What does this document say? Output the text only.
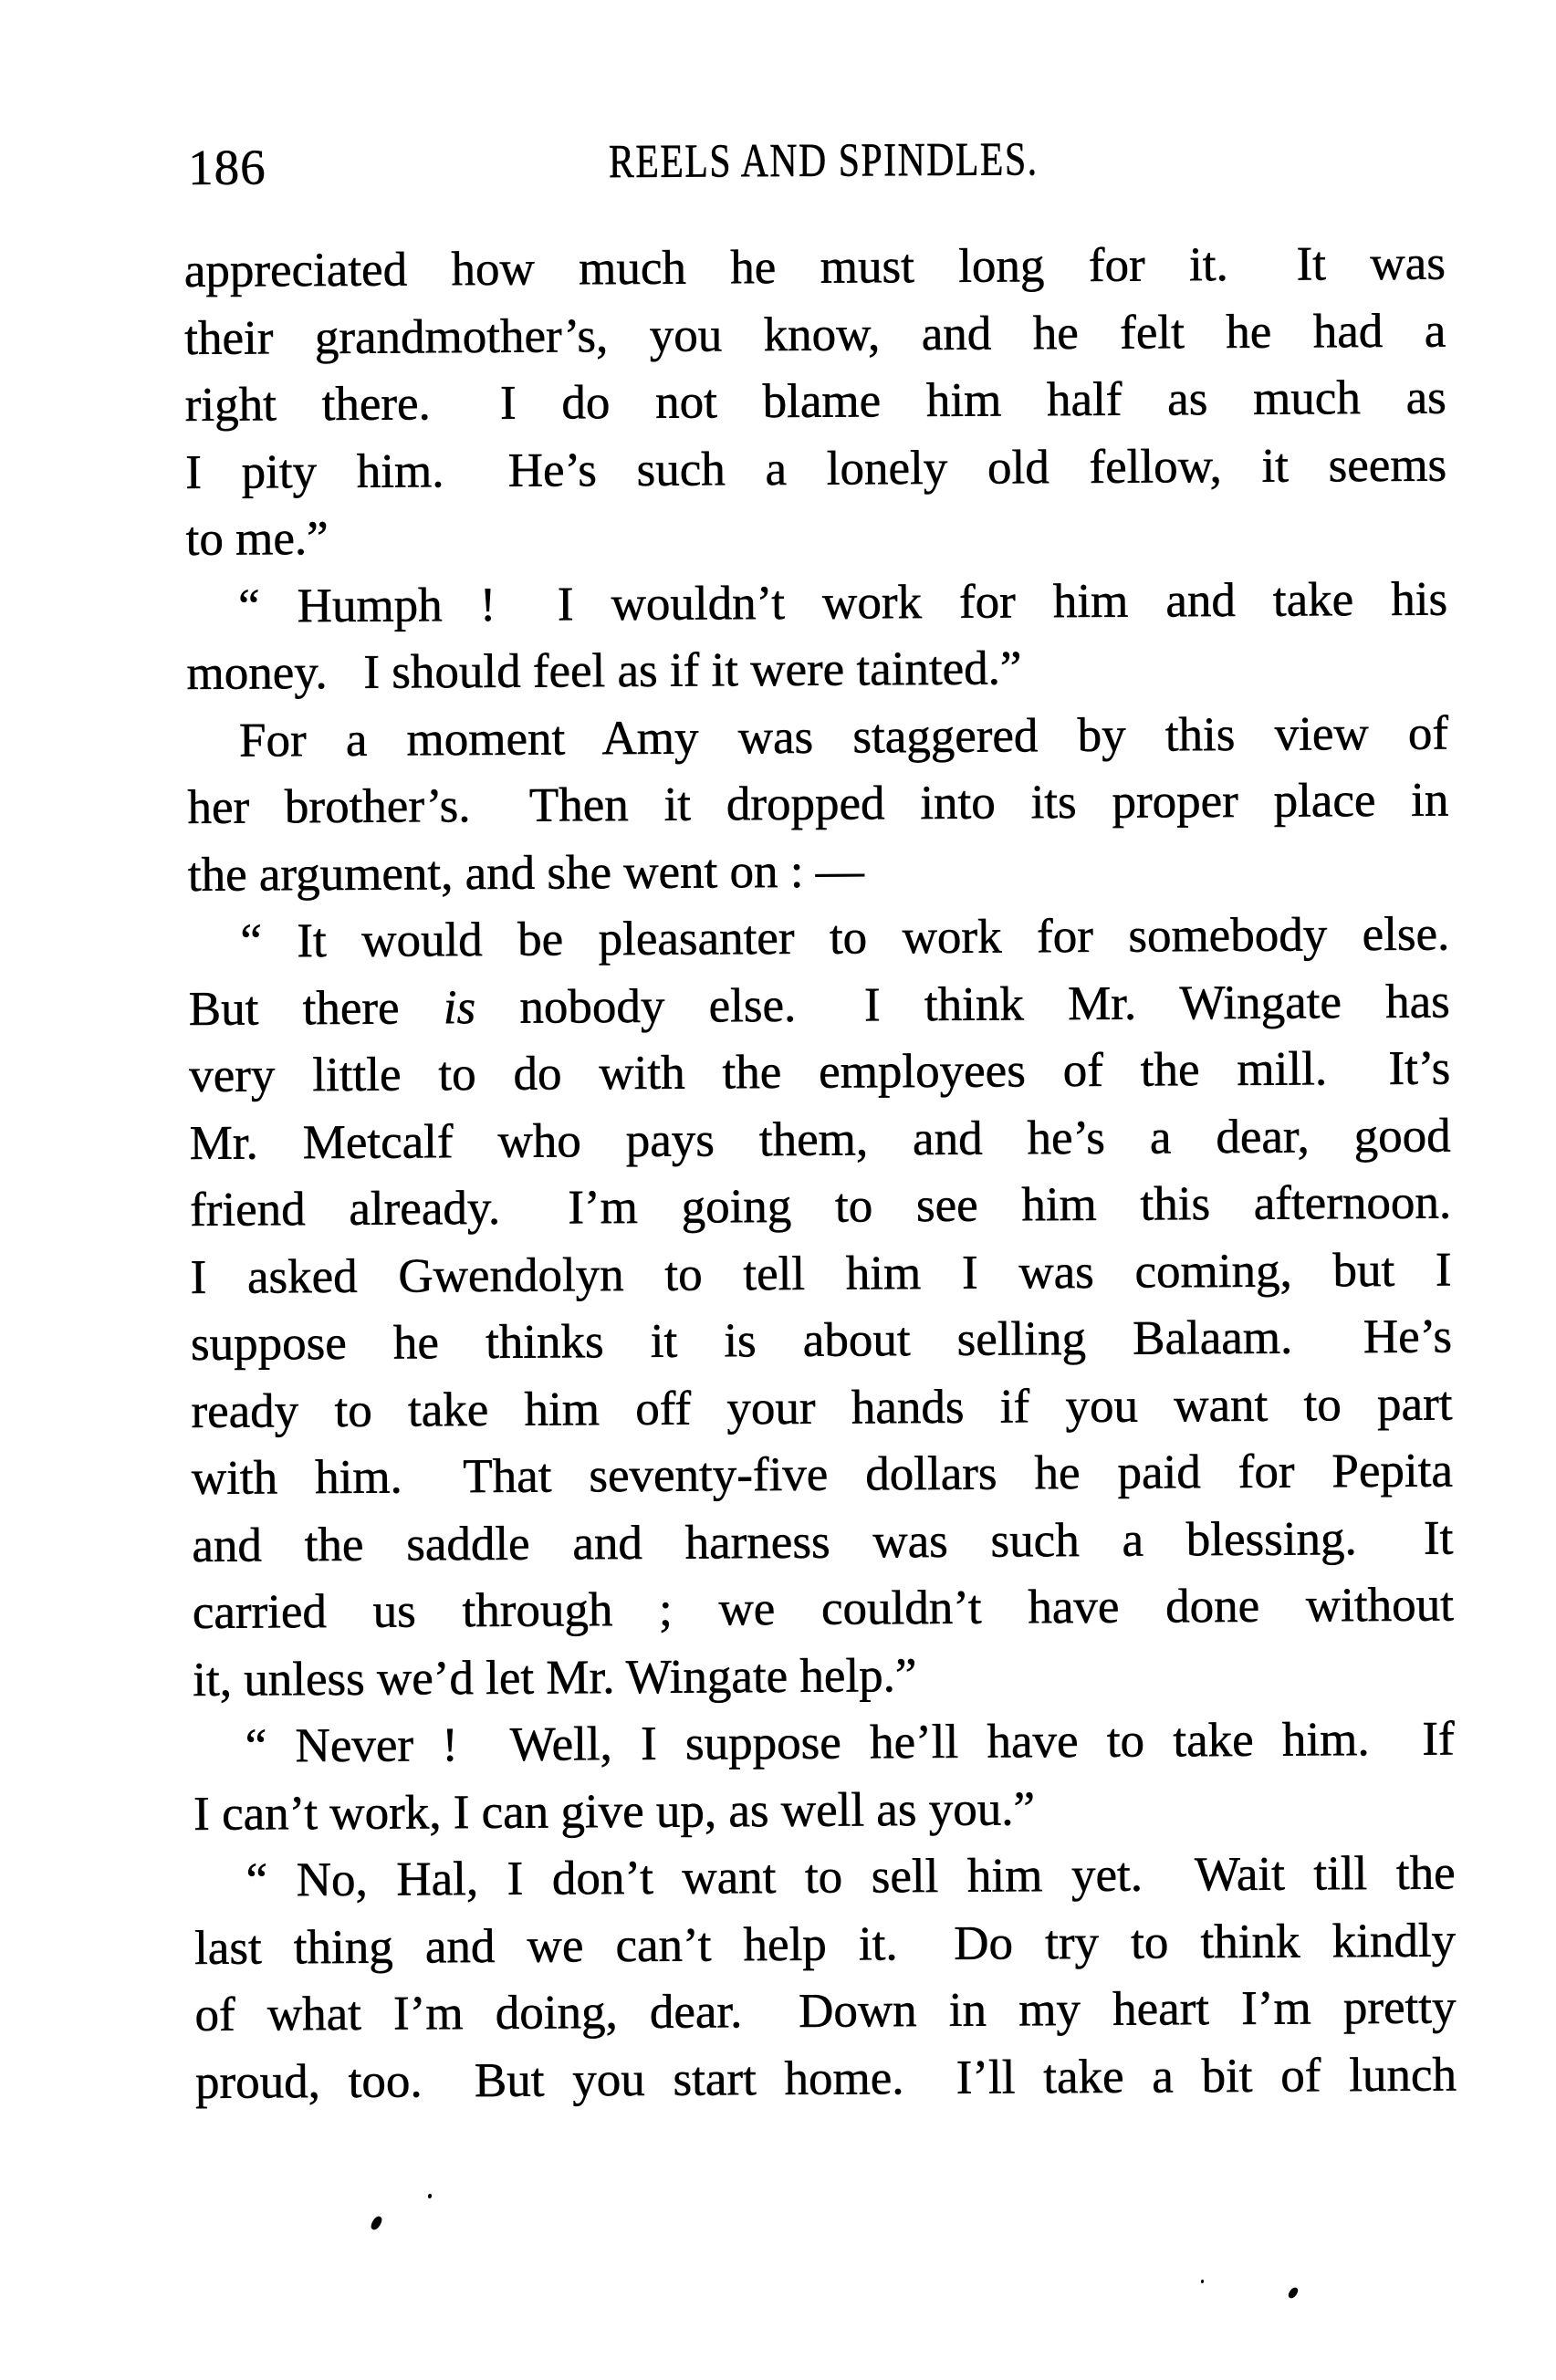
186	REELS AND SPINDLES.
appreciated how much he must long for it.  It was
their grandmother’s, you know, and he felt he had a
right there.  I do not blame him half as much as
I pity him.  He’s such a lonely old fellow, it seems
to me.”
“ Humph !  I wouldn’t work for him and take his
money.  I should feel as if it were tainted.”
For a moment Amy was staggered by this view of
her brother’s.  Then it dropped into its proper place in
the argument, and she went on : —
“ It would be pleasanter to work for somebody else.
But there is nobody else.  I think Mr. Wingate has
very little to do with the employees of the mill.  It’s
Mr. Metcalf who pays them, and he’s a dear, good
friend already.  I’m going to see him this afternoon.
I asked Gwendolyn to tell him I was coming, but I
suppose he thinks it is about selling Balaam.  He’s
ready to take him off your hands if you want to part
with him.  That seventy-five dollars he paid for Pepita
and the saddle and harness was such a blessing.  It
carried us through ; we couldn’t have done without
it, unless we’d let Mr. Wingate help.”
“ Never !  Well, I suppose he’ll have to take him.  If
I can’t work, I can give up, as well as you.”
“ No, Hal, I don’t want to sell him yet.  Wait till the
last thing and we can’t help it.  Do try to think kindly
of what I’m doing, dear.  Down in my heart I’m pretty
proud, too.  But you start home.  I’ll take a bit of lunch
